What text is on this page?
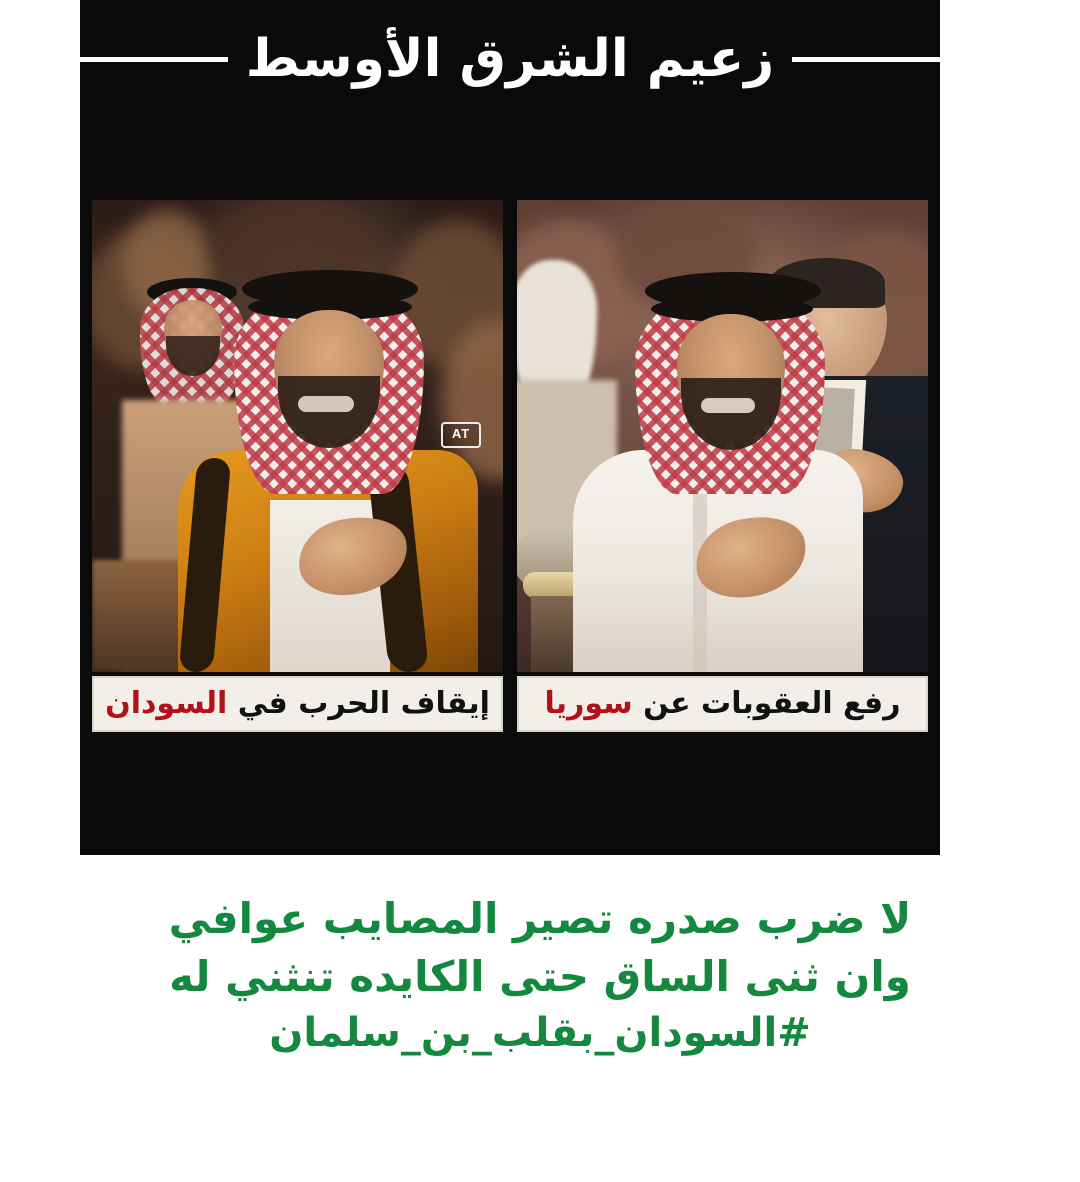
زعيم الشرق الأوسط
AT
إيقاف الحرب في السودان	رفع العقوبات عن سوريا
لا ضرب صدره تصير المصايب عوافي
وان ثنى الساق حتى الكايده تنثني له
#السودان_بقلب_بن_سلمان
